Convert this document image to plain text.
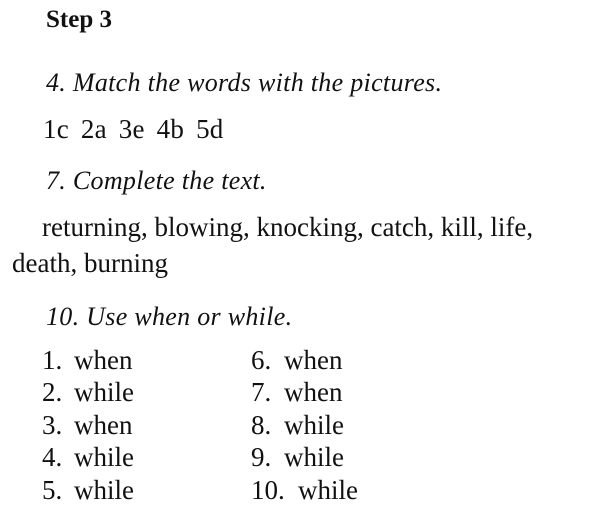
Step 3
4. Match the words with the pictures.
1c 2a 3e 4b 5d
7. Complete the text.
returning, blowing, knocking, catch, kill, life,
death, burning
10. Use when or while.
1. when
2. while
3. when
4. while
5. while
6. when
7. when
8. while
9. while
10. while
